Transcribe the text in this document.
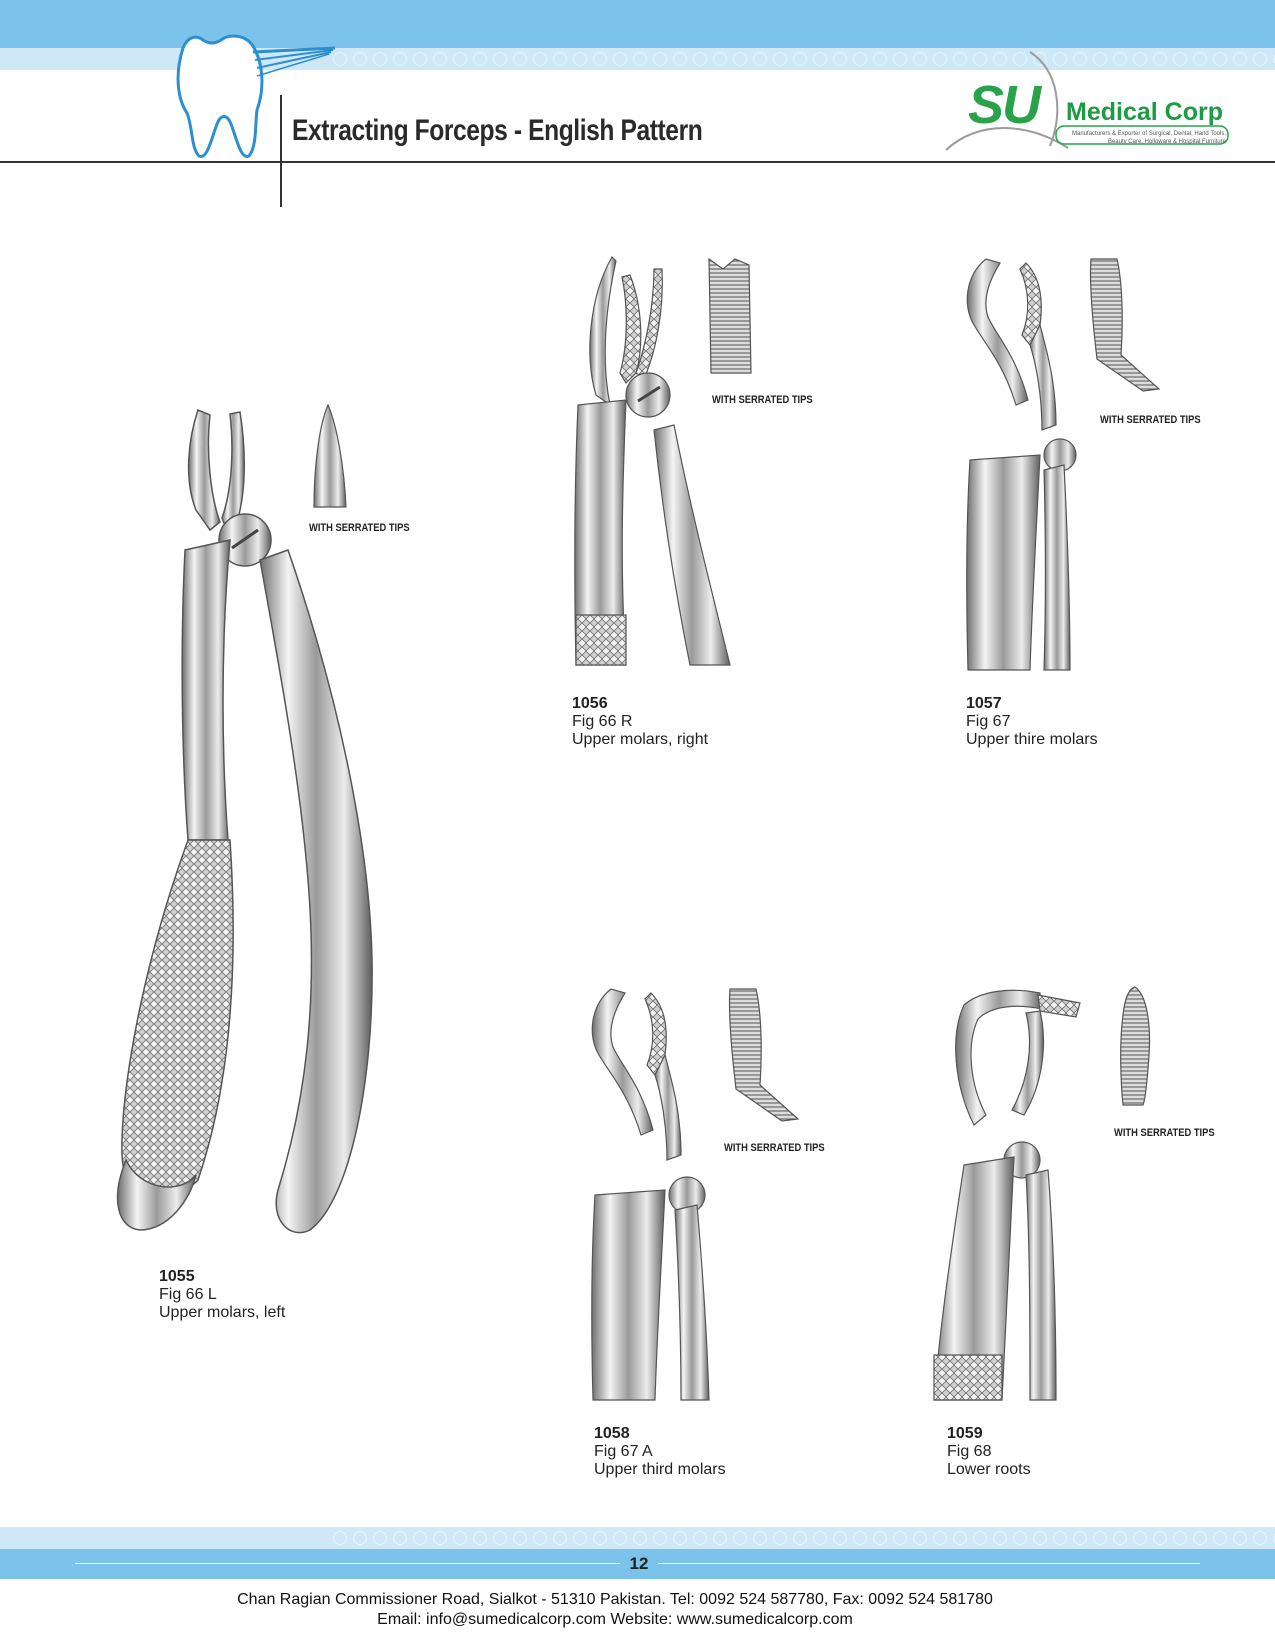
Extracting Forceps - English Pattern	SU Medical Corp
Manufacturers & Exporter of Surgical, Dental, Hand Tools, Beauty Care, Holloware & Hospital Furniture
WITH SERRATED TIPS
1055
Fig 66 L
Upper molars, left
WITH SERRATED TIPS
1056
Fig 66 R
Upper molars, right
WITH SERRATED TIPS
1057
Fig 67
Upper thire molars
WITH SERRATED TIPS
1058
Fig 67 A
Upper third molars
WITH SERRATED TIPS
1059
Fig 68
Lower roots
12
Chan Ragian Commissioner Road, Sialkot - 51310 Pakistan. Tel: 0092 524 587780, Fax: 0092 524 581780
Email: info@sumedicalcorp.com Website: www.sumedicalcorp.com
